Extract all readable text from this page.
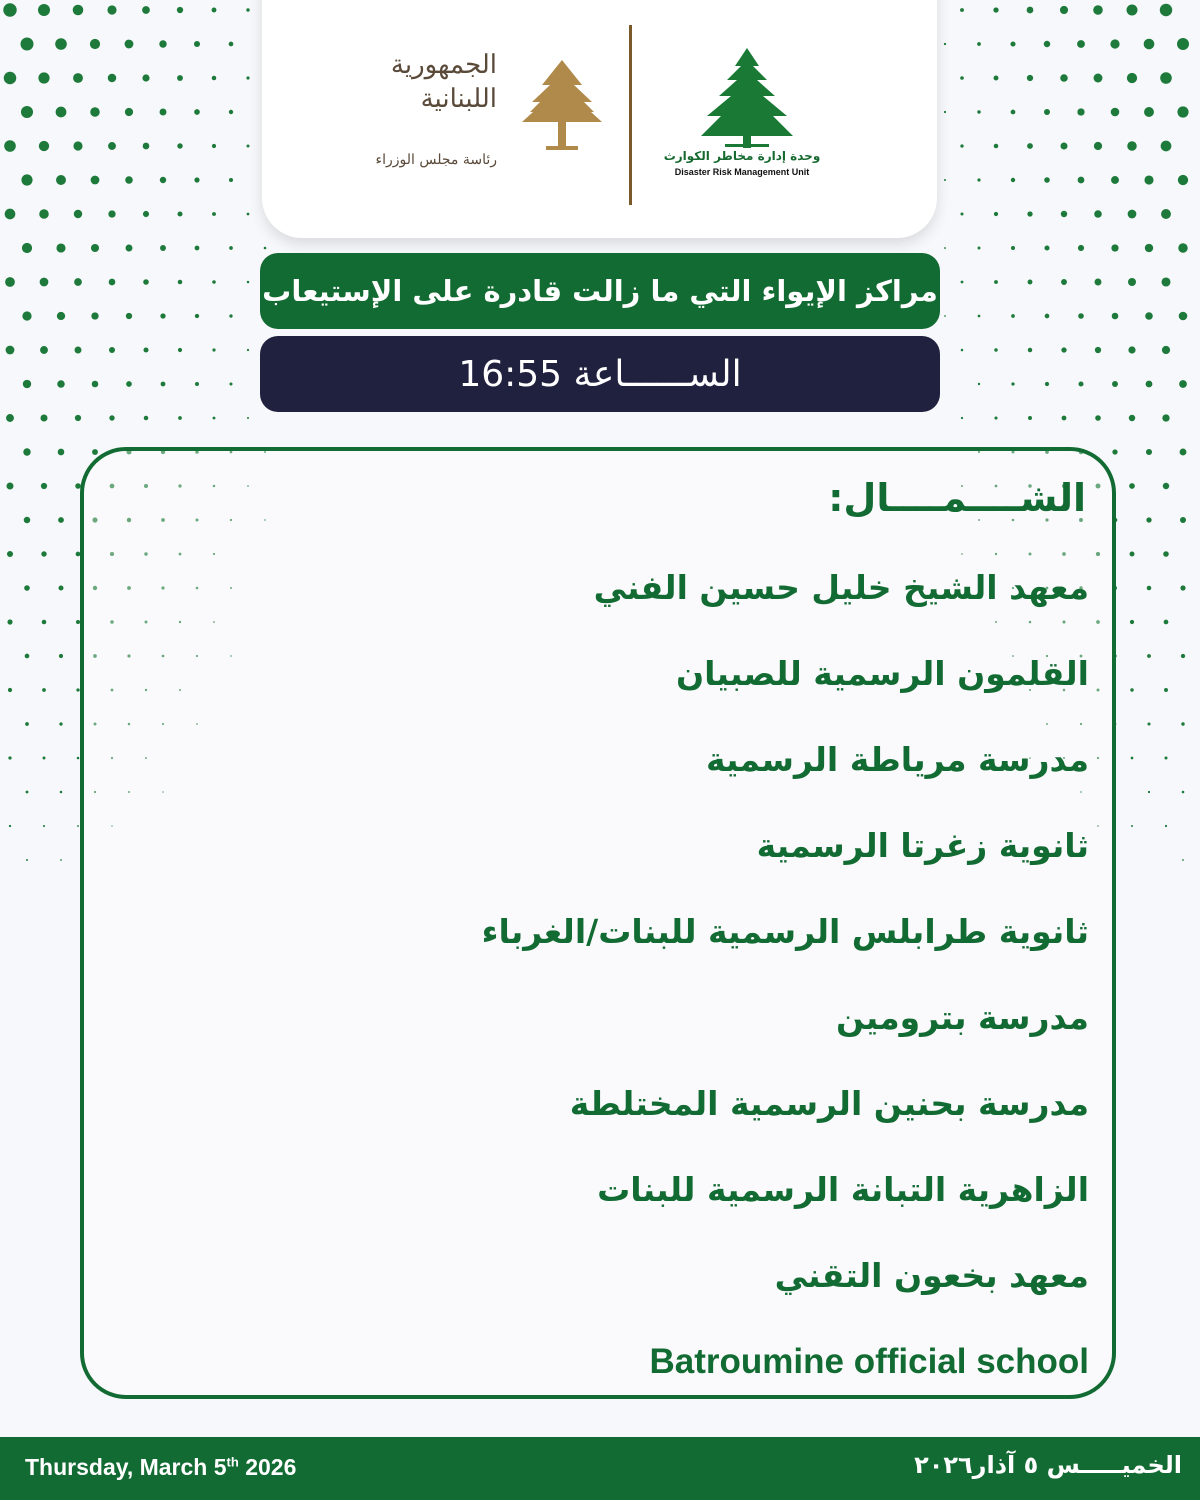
الجمهورية
اللبنانية
رئاسة مجلس الوزراء	وحدة إدارة مخاطر الكوارث
Disaster Risk Management Unit
مراكز الإيواء التي ما زالت قادرة على الإستيعاب
الســــــاعة 16:55
الشــــمــــال:
معهد الشيخ خليل حسين الفني
القلمون الرسمية للصبيان
مدرسة مرياطة الرسمية
ثانوية زغرتا الرسمية
ثانوية طرابلس الرسمية للبنات/الغرباء
مدرسة بترومين
مدرسة بحنين الرسمية المختلطة
الزاهرية التبانة الرسمية للبنات
معهد بخعون التقني
Batroumine official school
Thursday, March 5th 2026	الخميـــــس ٥ آذار٢٠٢٦
